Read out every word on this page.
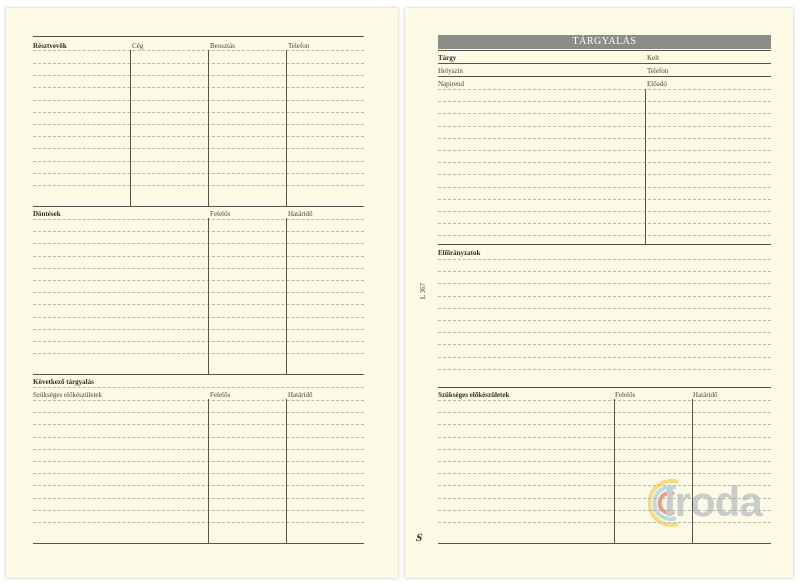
Résztvevők	Cég	Beosztás	Telefon
Döntések	Felelős	Határidő
Következő tárgyalás
Szükséges előkészületek	Felelős	Határidő
TÁRGYALÁS
Tárgy	Kelt
Helyszín	Telefon
Napirend	Előadó
Előirányzatok
Szükséges előkészületek	Felelős	Határidő
L 367
S
Iroda
